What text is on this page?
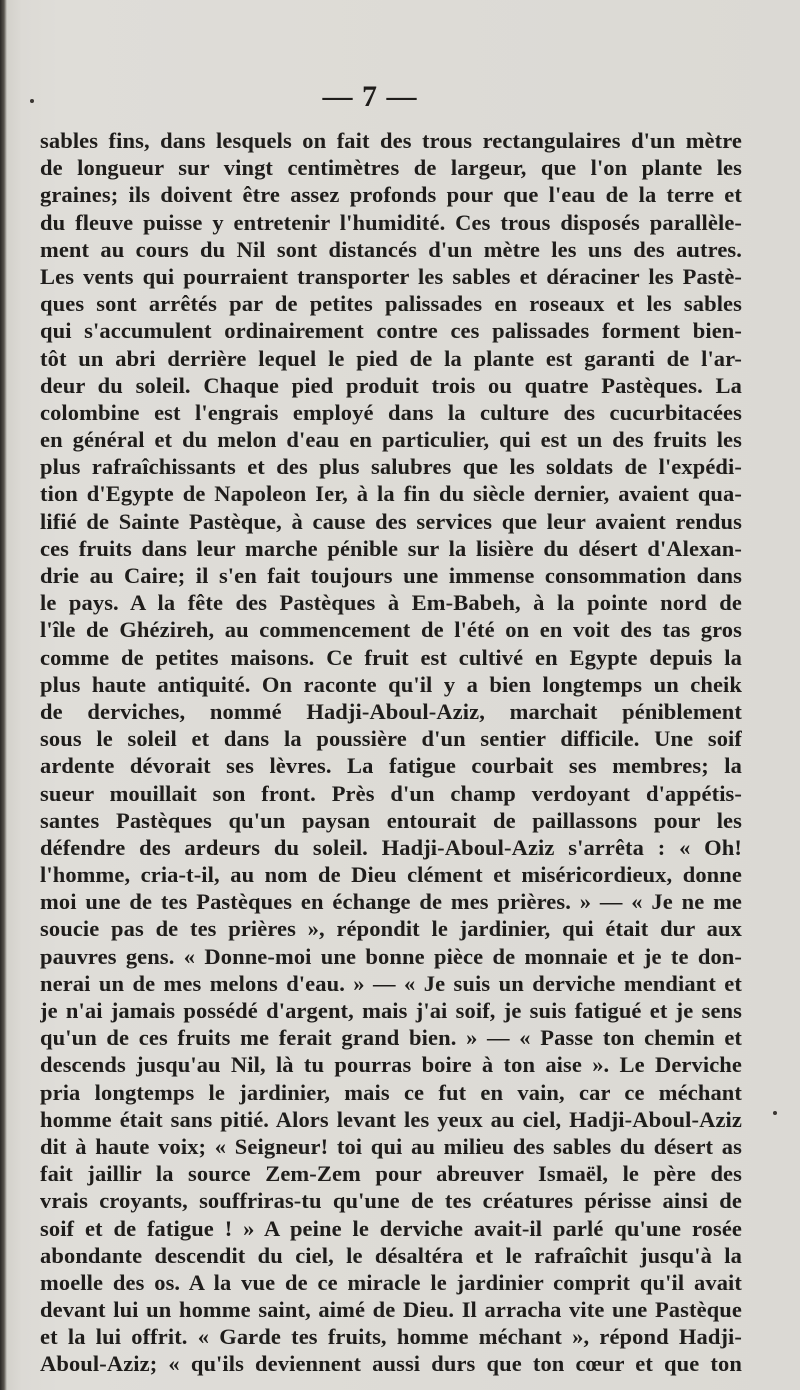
— 7 —
sables fins, dans lesquels on fait des trous rectangulaires d'un mètre
de longueur sur vingt centimètres de largeur, que l'on plante les
graines; ils doivent être assez profonds pour que l'eau de la terre et
du fleuve puisse y entretenir l'humidité. Ces trous disposés parallèle-
ment au cours du Nil sont distancés d'un mètre les uns des autres.
Les vents qui pourraient transporter les sables et déraciner les Pastè-
ques sont arrêtés par de petites palissades en roseaux et les sables
qui s'accumulent ordinairement contre ces palissades forment bien-
tôt un abri derrière lequel le pied de la plante est garanti de l'ar-
deur du soleil. Chaque pied produit trois ou quatre Pastèques. La
colombine est l'engrais employé dans la culture des cucurbitacées
en général et du melon d'eau en particulier, qui est un des fruits les
plus rafraîchissants et des plus salubres que les soldats de l'expédi-
tion d'Egypte de Napoleon Ier, à la fin du siècle dernier, avaient qua-
lifié de Sainte Pastèque, à cause des services que leur avaient rendus
ces fruits dans leur marche pénible sur la lisière du désert d'Alexan-
drie au Caire; il s'en fait toujours une immense consommation dans
le pays. A la fête des Pastèques à Em-Babeh, à la pointe nord de
l'île de Ghézireh, au commencement de l'été on en voit des tas gros
comme de petites maisons. Ce fruit est cultivé en Egypte depuis la
plus haute antiquité. On raconte qu'il y a bien longtemps un cheik
de derviches, nommé Hadji-Aboul-Aziz, marchait péniblement
sous le soleil et dans la poussière d'un sentier difficile. Une soif
ardente dévorait ses lèvres. La fatigue courbait ses membres; la
sueur mouillait son front. Près d'un champ verdoyant d'appétis-
santes Pastèques qu'un paysan entourait de paillassons pour les
défendre des ardeurs du soleil. Hadji-Aboul-Aziz s'arrêta : « Oh!
l'homme, cria-t-il, au nom de Dieu clément et miséricordieux, donne
moi une de tes Pastèques en échange de mes prières. » — « Je ne me
soucie pas de tes prières », répondit le jardinier, qui était dur aux
pauvres gens. « Donne-moi une bonne pièce de monnaie et je te don-
nerai un de mes melons d'eau. » — « Je suis un derviche mendiant et
je n'ai jamais possédé d'argent, mais j'ai soif, je suis fatigué et je sens
qu'un de ces fruits me ferait grand bien. » — « Passe ton chemin et
descends jusqu'au Nil, là tu pourras boire à ton aise ». Le Derviche
pria longtemps le jardinier, mais ce fut en vain, car ce méchant
homme était sans pitié. Alors levant les yeux au ciel, Hadji-Aboul-Aziz
dit à haute voix; « Seigneur! toi qui au milieu des sables du désert as
fait jaillir la source Zem-Zem pour abreuver Ismaël, le père des
vrais croyants, souffriras-tu qu'une de tes créatures périsse ainsi de
soif et de fatigue ! » A peine le derviche avait-il parlé qu'une rosée
abondante descendit du ciel, le désaltéra et le rafraîchit jusqu'à la
moelle des os. A la vue de ce miracle le jardinier comprit qu'il avait
devant lui un homme saint, aimé de Dieu. Il arracha vite une Pastèque
et la lui offrit. « Garde tes fruits, homme méchant », répond Hadji-
Aboul-Aziz; « qu'ils deviennent aussi durs que ton cœur et que ton
